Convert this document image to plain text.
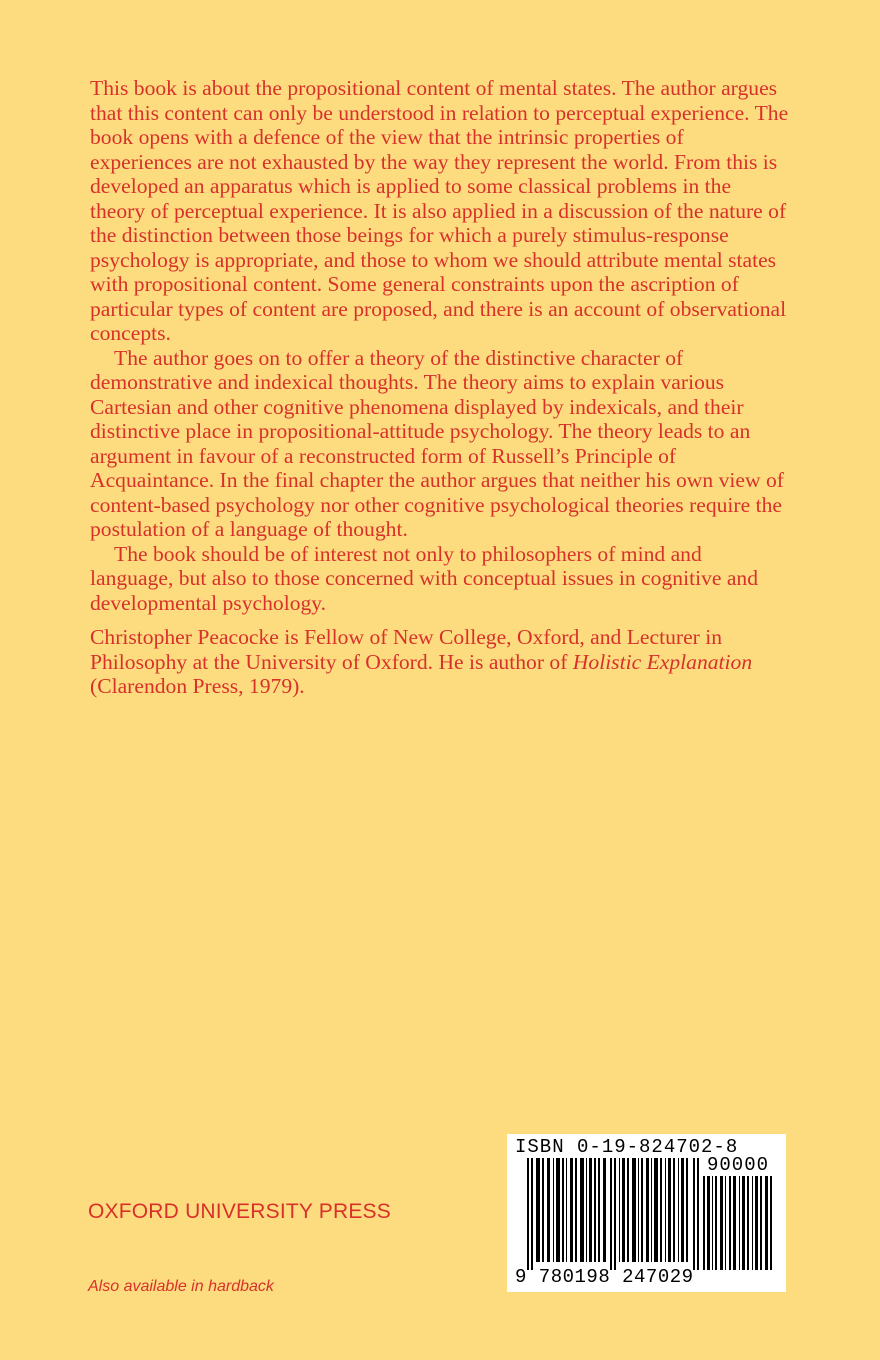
This book is about the propositional content of mental states. The author argues that this content can only be understood in relation to perceptual experience. The book opens with a defence of the view that the intrinsic properties of experiences are not exhausted by the way they represent the world. From this is developed an apparatus which is applied to some classical problems in the theory of perceptual experience. It is also applied in a discussion of the nature of the distinction between those beings for which a purely stimulus-response psychology is appropriate, and those to whom we should attribute mental states with propositional content. Some general constraints upon the ascription of particular types of content are proposed, and there is an account of observational concepts.

The author goes on to offer a theory of the distinctive character of demonstrative and indexical thoughts. The theory aims to explain various Cartesian and other cognitive phenomena displayed by indexicals, and their distinctive place in propositional-attitude psychology. The theory leads to an argument in favour of a reconstructed form of Russell’s Principle of Acquaintance. In the final chapter the author argues that neither his own view of content-based psychology nor other cognitive psychological theories require the postulation of a language of thought.

The book should be of interest not only to philosophers of mind and language, but also to those concerned with conceptual issues in cognitive and developmental psychology.

Christopher Peacocke is Fellow of New College, Oxford, and Lecturer in Philosophy at the University of Oxford. He is author of Holistic Explanation (Clarendon Press, 1979).

OXFORD UNIVERSITY PRESS
Also available in hardback
ISBN 0-19-824702-8
90000
9 780198 247029
